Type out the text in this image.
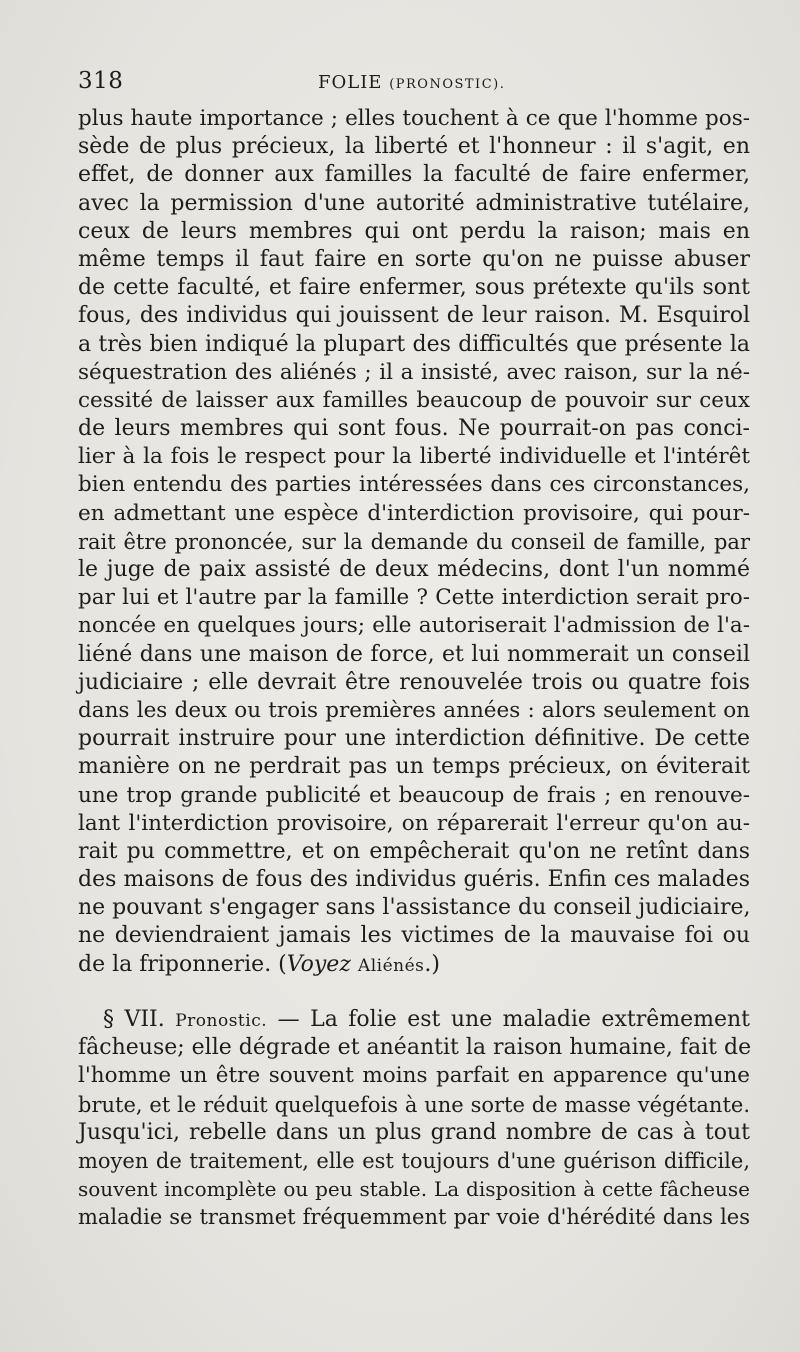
318	FOLIE (PRONOSTIC).
plus haute importance ; elles touchent à ce que l'homme pos-
sède de plus précieux, la liberté et l'honneur : il s'agit, en
effet, de donner aux familles la faculté de faire enfermer,
avec la permission d'une autorité administrative tutélaire,
ceux de leurs membres qui ont perdu la raison; mais en
même temps il faut faire en sorte qu'on ne puisse abuser
de cette faculté, et faire enfermer, sous prétexte qu'ils sont
fous, des individus qui jouissent de leur raison. M. Esquirol
a très bien indiqué la plupart des difficultés que présente la
séquestration des aliénés ; il a insisté, avec raison, sur la né-
cessité de laisser aux familles beaucoup de pouvoir sur ceux
de leurs membres qui sont fous. Ne pourrait-on pas conci-
lier à la fois le respect pour la liberté individuelle et l'intérêt
bien entendu des parties intéressées dans ces circonstances,
en admettant une espèce d'interdiction provisoire, qui pour-
rait être prononcée, sur la demande du conseil de famille, par
le juge de paix assisté de deux médecins, dont l'un nommé
par lui et l'autre par la famille ? Cette interdiction serait pro-
noncée en quelques jours; elle autoriserait l'admission de l'a-
liéné dans une maison de force, et lui nommerait un conseil
judiciaire ; elle devrait être renouvelée trois ou quatre fois
dans les deux ou trois premières années : alors seulement on
pourrait instruire pour une interdiction définitive. De cette
manière on ne perdrait pas un temps précieux, on éviterait
une trop grande publicité et beaucoup de frais ; en renouve-
lant l'interdiction provisoire, on réparerait l'erreur qu'on au-
rait pu commettre, et on empêcherait qu'on ne retînt dans
des maisons de fous des individus guéris. Enfin ces malades
ne pouvant s'engager sans l'assistance du conseil judiciaire,
ne deviendraient jamais les victimes de la mauvaise foi ou
de la friponnerie. (Voyez Aliénés.)
§ VII. Pronostic. — La folie est une maladie extrêmement
fâcheuse; elle dégrade et anéantit la raison humaine, fait de
l'homme un être souvent moins parfait en apparence qu'une
brute, et le réduit quelquefois à une sorte de masse végétante.
Jusqu'ici, rebelle dans un plus grand nombre de cas à tout
moyen de traitement, elle est toujours d'une guérison difficile,
souvent incomplète ou peu stable. La disposition à cette fâcheuse
maladie se transmet fréquemment par voie d'hérédité dans les
